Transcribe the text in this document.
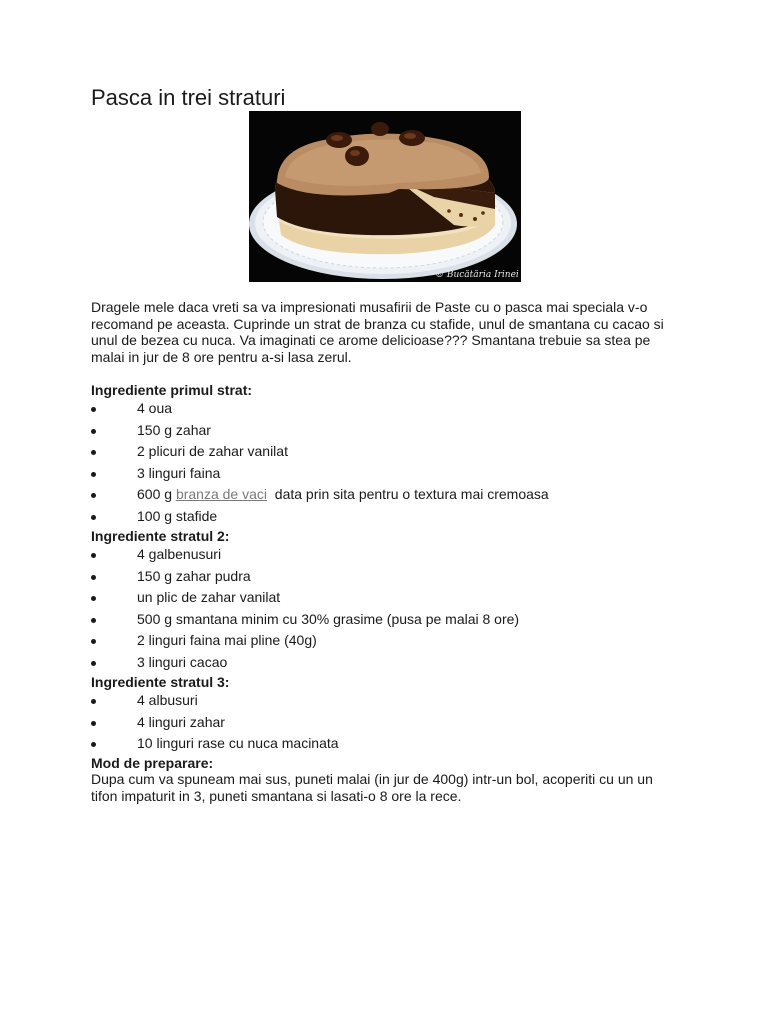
Pasca in trei straturi
© Bucătăria Irinei

Dragele mele daca vreti sa va impresionati musafirii de Paste cu o pasca mai speciala v-o recomand pe aceasta. Cuprinde un strat de branza cu stafide, unul de smantana cu cacao si unul de bezea cu nuca. Va imaginati ce arome delicioase??? Smantana trebuie sa stea pe malai in jur de 8 ore pentru a-si lasa zerul.

Ingrediente primul strat:

4 oua
150 g zahar
2 plicuri de zahar vanilat
3 linguri faina
600 g branza de vaci  data prin sita pentru o textura mai cremoasa
100 g stafide

Ingrediente stratul 2:

4 galbenusuri
150 g zahar pudra
un plic de zahar vanilat
500 g smantana minim cu 30% grasime (pusa pe malai 8 ore)
2 linguri faina mai pline (40g)
3 linguri cacao

Ingrediente stratul 3:

4 albusuri
4 linguri zahar
10 linguri rase cu nuca macinata

Mod de preparare:

Dupa cum va spuneam mai sus, puneti malai (in jur de 400g) intr-un bol, acoperiti cu un un tifon impaturit in 3, puneti smantana si lasati-o 8 ore la rece.
